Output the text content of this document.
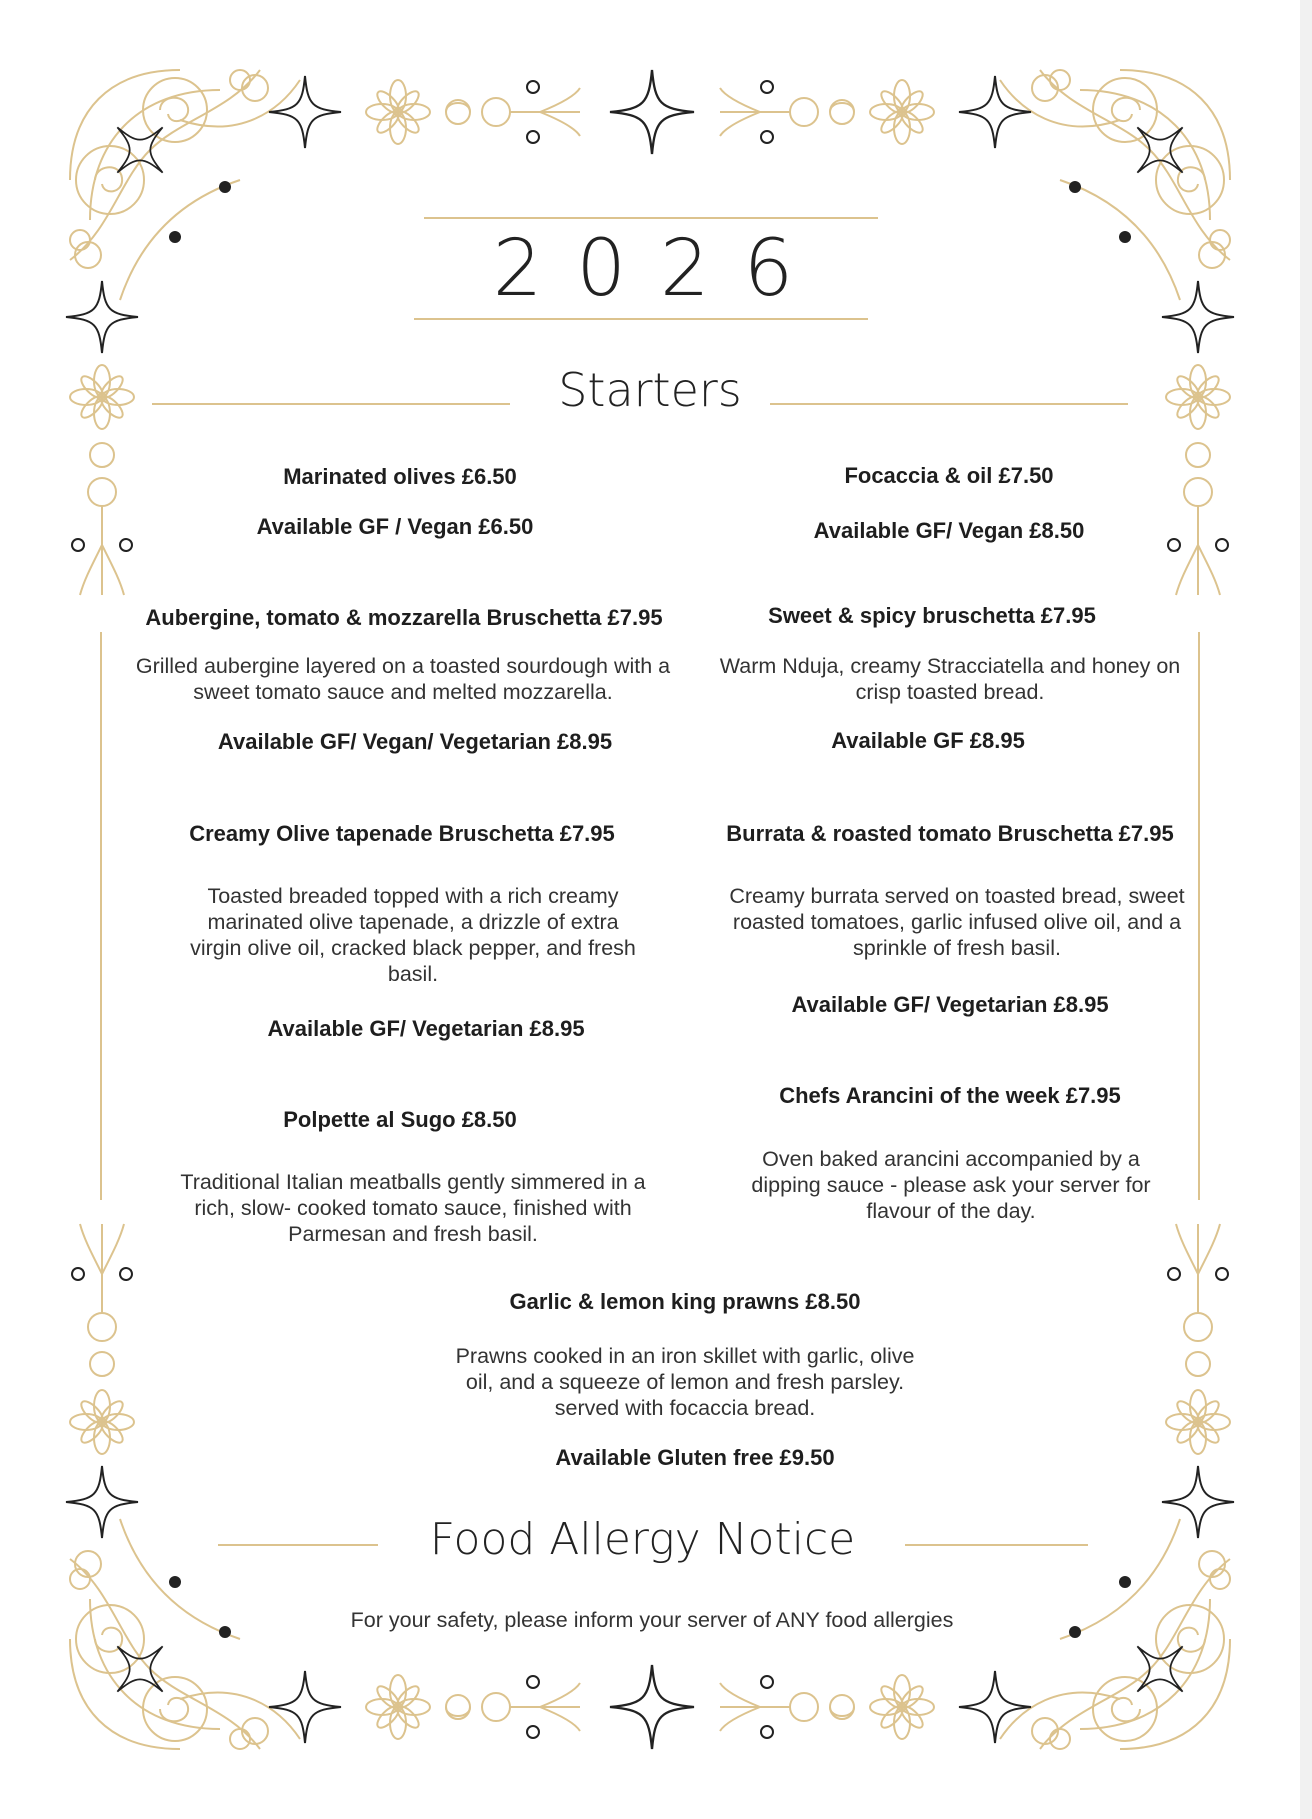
2026
Starters
Marinated olives £6.50
Available GF / Vegan £6.50
Focaccia & oil £7.50
Available GF/ Vegan £8.50
Aubergine, tomato & mozzarella Bruschetta £7.95
Grilled aubergine layered on a toasted sourdough with a sweet tomato sauce and melted mozzarella.
Available GF/ Vegan/ Vegetarian £8.95
Sweet & spicy bruschetta £7.95
Warm Nduja, creamy Stracciatella and honey on crisp toasted bread.
Available GF £8.95
Creamy Olive tapenade Bruschetta £7.95
Toasted breaded topped with a rich creamy marinated olive tapenade, a drizzle of extra virgin olive oil, cracked black pepper, and fresh basil.
Available GF/ Vegetarian £8.95
Burrata & roasted tomato Bruschetta £7.95
Creamy burrata served on toasted bread, sweet roasted tomatoes, garlic infused olive oil, and a sprinkle of fresh basil.
Available GF/ Vegetarian £8.95
Polpette al Sugo £8.50
Traditional Italian meatballs gently simmered in a rich, slow- cooked tomato sauce, finished with Parmesan and fresh basil.
Chefs Arancini of the week £7.95
Oven baked arancini accompanied by a dipping sauce - please ask your server for flavour of the day.
Garlic & lemon king prawns £8.50
Prawns cooked in an iron skillet with garlic, olive oil, and a squeeze of lemon and fresh parsley. served with focaccia bread.
Available Gluten free £9.50
Food Allergy Notice
For your safety, please inform your server of ANY food allergies
